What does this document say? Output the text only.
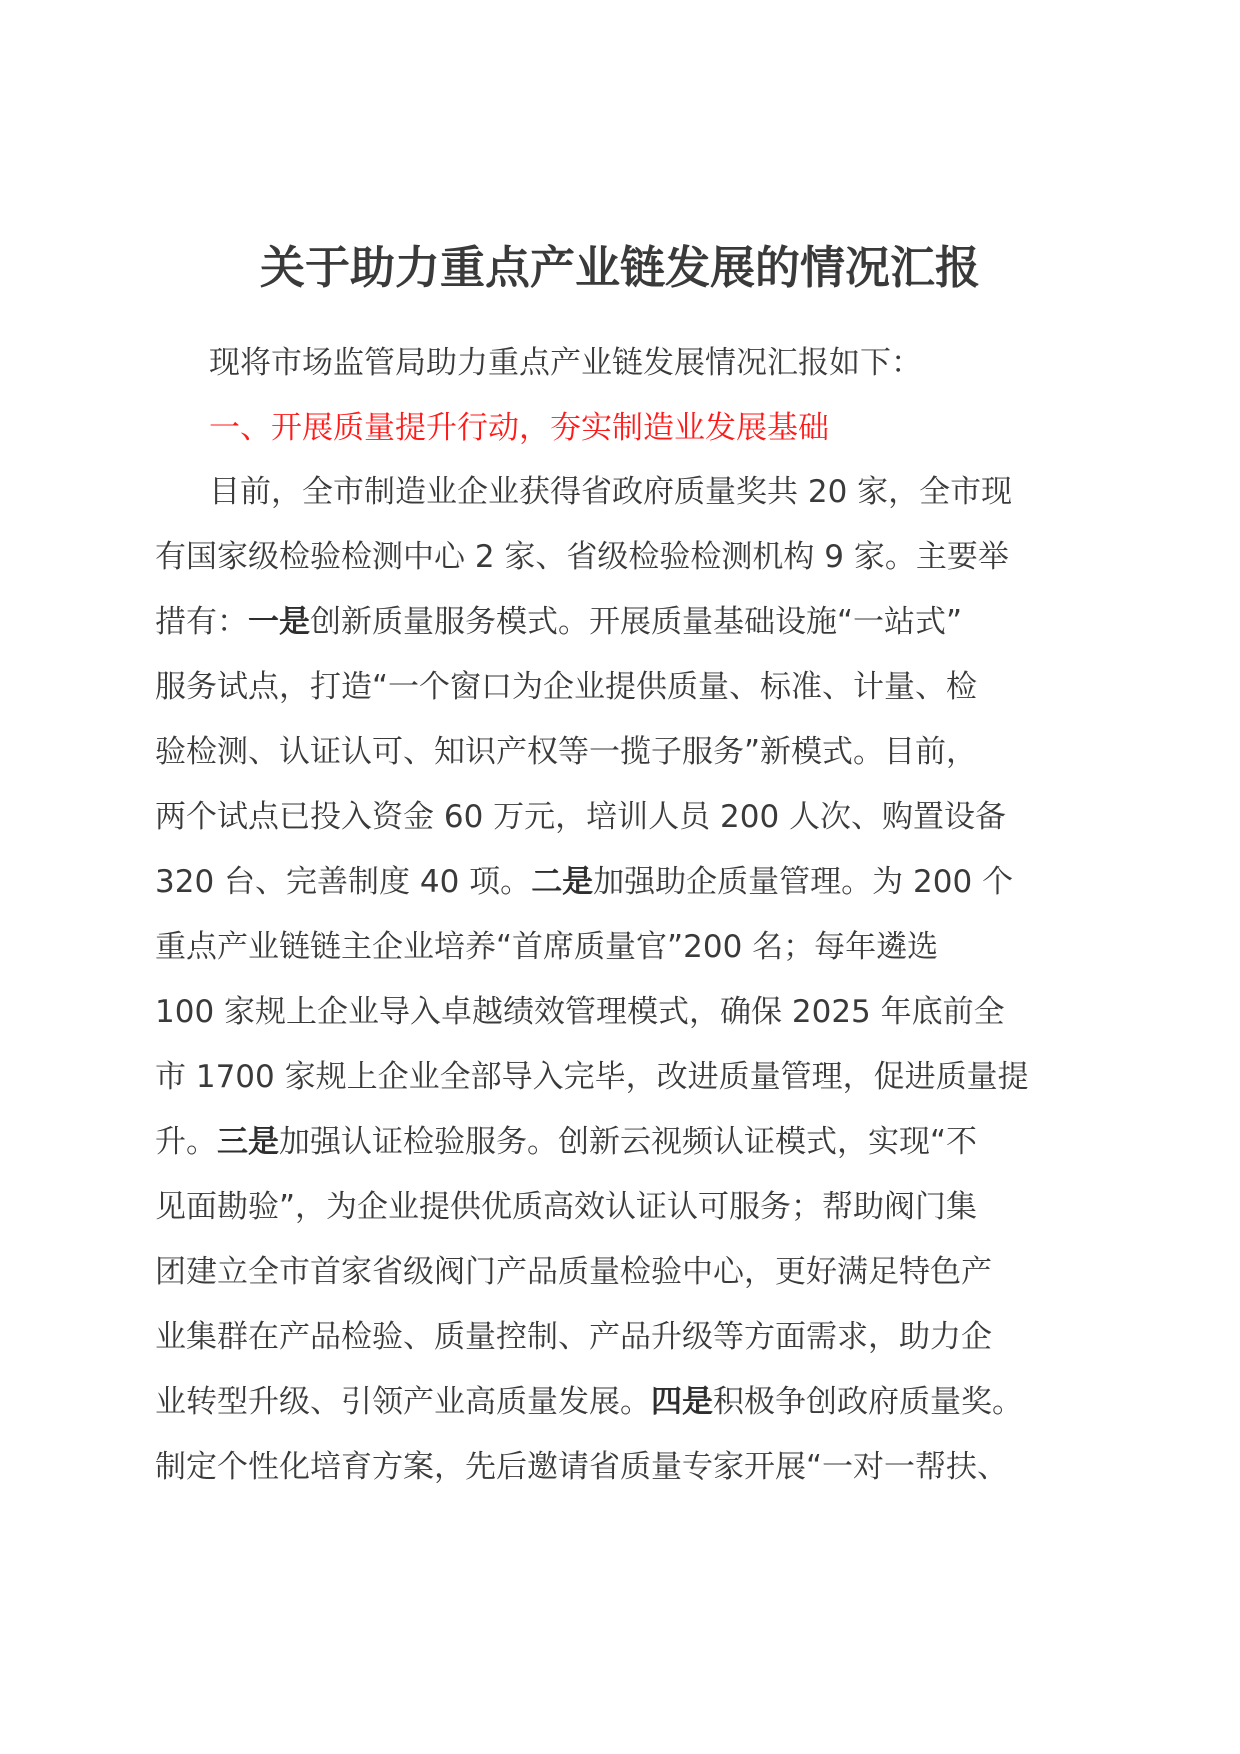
关于助力重点产业链发展的情况汇报
现将市场监管局助力重点产业链发展情况汇报如下：
一、开展质量提升行动，夯实制造业发展基础
目前，全市制造业企业获得省政府质量奖共 20 家，全市现
有国家级检验检测中心 2 家、省级检验检测机构 9 家。主要举
措有：一是创新质量服务模式。开展质量基础设施“一站式”
服务试点，打造“一个窗口为企业提供质量、标准、计量、检
验检测、认证认可、知识产权等一揽子服务”新模式。目前，
两个试点已投入资金 60 万元，培训人员 200 人次、购置设备
320 台、完善制度 40 项。二是加强助企质量管理。为 200 个
重点产业链链主企业培养“首席质量官”200 名；每年遴选
100 家规上企业导入卓越绩效管理模式，确保 2025 年底前全
市 1700 家规上企业全部导入完毕，改进质量管理，促进质量提
升。三是加强认证检验服务。创新云视频认证模式，实现“不
见面勘验”，为企业提供优质高效认证认可服务；帮助阀门集
团建立全市首家省级阀门产品质量检验中心，更好满足特色产
业集群在产品检验、质量控制、产品升级等方面需求，助力企
业转型升级、引领产业高质量发展。四是积极争创政府质量奖。
制定个性化培育方案，先后邀请省质量专家开展“一对一帮扶、
